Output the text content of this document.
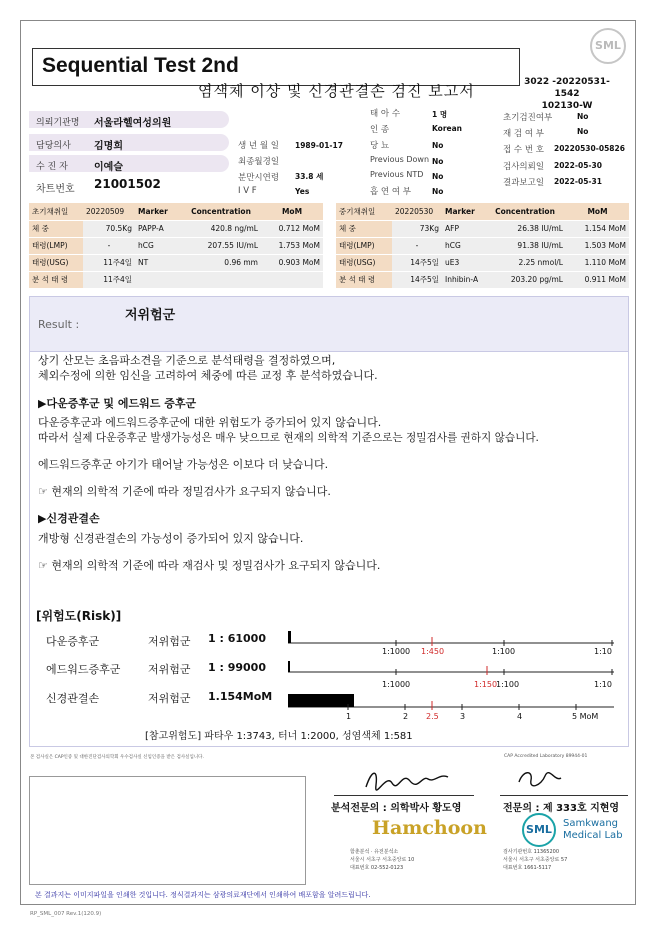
SML
Sequential Test 2nd
염색체 이상 및 신경관결손 검진 보고서	3022 -20220531-1542
102130-W
의뢰기관명 서울라헬여성의원
담당의사 김명희
수 진 자	이예슬
차트번호 21001502
생 년 월 일 1989-01-17
최종월경일
분만시연령 33.8 세
I V F	Yes
태 아 수	1 명
인 종	Korean
당 뇨	No
Previous Down No
Previous NTD No
흡 연 여 부	No
초기검진여부	No
재 검 여 부	No
접 수 번 호 20220530-05826
검사의뢰일 2022-05-30
결과보고일 2022-05-31
초기채취일	20220509	Marker	Concentration	MoM
체 중	70.5Kg	PAPP-A	420.8 ng/mL	0.712 MoM
태령(LMP)	-	hCG	207.55 IU/mL	1.753 MoM
태령(USG)	11주4일	NT	0.96 mm	0.903 MoM
분 석 태 령	11주4일			
중기채취일	20220530	Marker	Concentration	MoM
체 중	73Kg	AFP	26.38 IU/mL	1.154 MoM
태령(LMP)	-	hCG	91.38 IU/mL	1.503 MoM
태령(USG)	14주5일	uE3	2.25 nmol/L	1.110 MoM
분 석 태 령	14주5일	Inhibin-A	203.20 pg/mL	0.911 MoM
Result :
저위험군
상기 산모는 초음파소견을 기준으로 분석태령을 결정하였으며,
체외수정에 의한 임신을 고려하여 체중에 따른 교정 후 분석하였습니다.
▶다운증후군 및 에드워드 증후군
다운증후군과 에드워드증후군에 대한 위험도가 증가되어 있지 않습니다.
따라서 실제 다운증후군 발생가능성은 매우 낮으므로 현재의 의학적 기준으로는 정밀검사를 권하지 않습니다.
에드워드증후군 아기가 태어날 가능성은 이보다 더 낮습니다.
☞ 현재의 의학적 기준에 따라 정밀검사가 요구되지 않습니다.
▶신경관결손
개방형 신경관결손의 가능성이 증가되어 있지 않습니다.
☞ 현재의 의학적 기준에 따라 재검사 및 정밀검사가 요구되지 않습니다.
[위험도(Risk)]
다운증후군	저위험군 1 : 61000
에드워드증후군	저위험군 1 : 99000
신경관결손	저위험군 1.154MoM
1:1000 1:450	1:100	1:10
1:1000	1:150
1:100	1:10
1	2 2.5	3	4	5 MoM
[참고위험도] 파타우 1:3743, 터너 1:2000, 성염색체 1:581
본 검사실은 CAP인증 및 대한진단검사의학회 우수검사실 신임인증을 받은 검사실입니다.	CAP Accredited Laboratory 89944-01
분석전문의 : 의학박사 황도영	전문의 : 제 333호 지현영
Hamchoon
함춘분석 · 유전분석소
서울시 서초구 서초중앙로 10
대표번호 02-552-0123
SML	Samkwang
Medical Lab
검사기관번호 11365200
서울시 서초구 서초중앙로 57
대표번호 1661-5117
본 결과지는 이미지파일을 인쇄한 것입니다. 정식결과지는 삼광의료재단에서 인쇄하여 배포함을 알려드립니다.
RP_SML_007 Rev.1(120.9)
